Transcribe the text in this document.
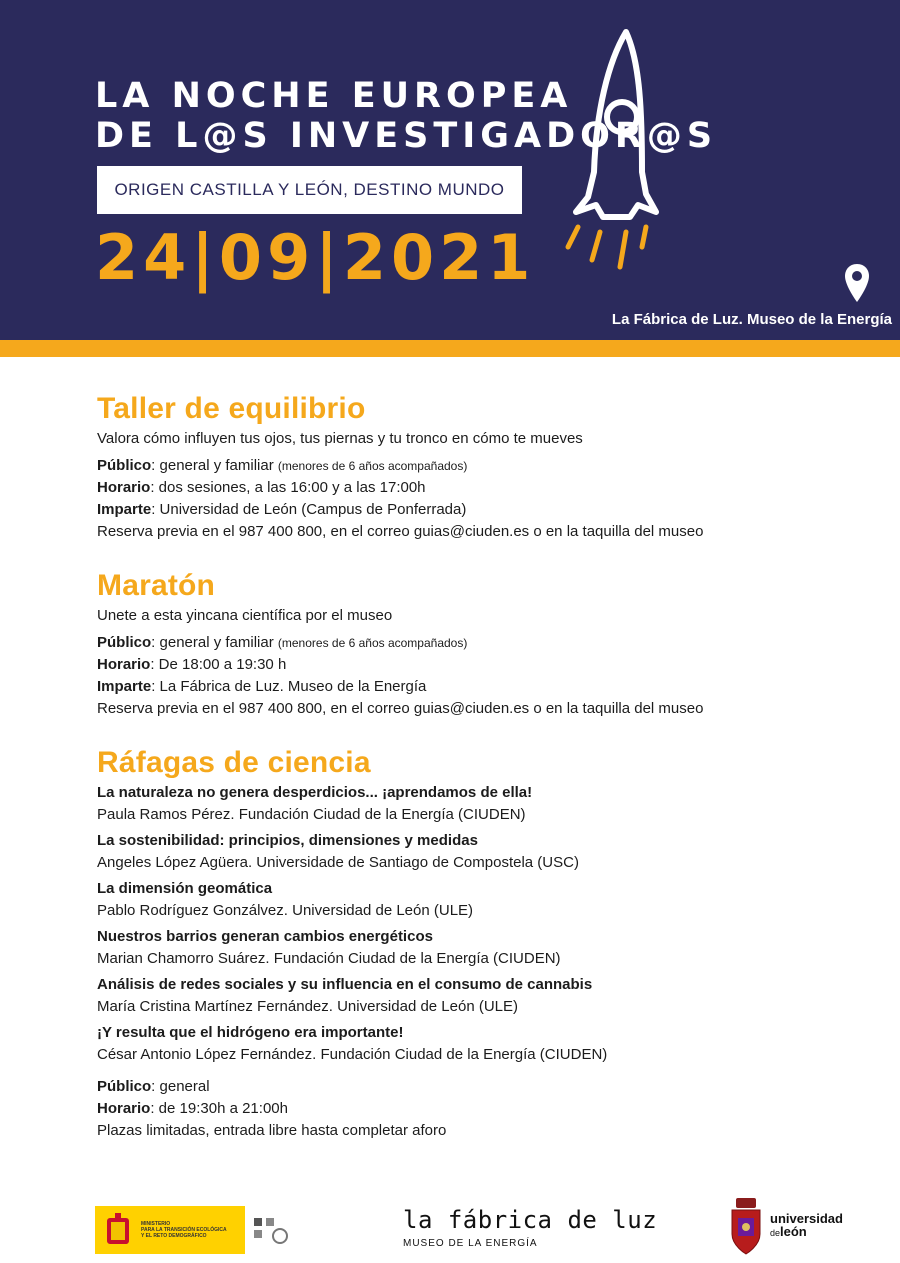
LA NOCHE EUROPEA
DE L@S INVESTIGADOR@S
ORIGEN CASTILLA Y LEÓN, DESTINO MUNDO
24|09|2021
La Fábrica de Luz. Museo de la Energía
Taller de equilibrio
Valora cómo influyen tus ojos, tus piernas y tu tronco en cómo te mueves
Público: general y familiar (menores de 6 años acompañados)
Horario: dos sesiones, a las 16:00 y a las 17:00h
Imparte: Universidad de León (Campus de Ponferrada)
Reserva previa en el 987 400 800, en el correo guias@ciuden.es o en la taquilla del museo
Maratón
Unete a esta yincana científica por el museo
Público: general y familiar (menores de 6 años acompañados)
Horario: De 18:00 a 19:30 h
Imparte: La Fábrica de Luz. Museo de la Energía
Reserva previa en el 987 400 800, en el correo guias@ciuden.es o en la taquilla del museo
Ráfagas de ciencia
La naturaleza no genera desperdicios... ¡aprendamos de ella!
Paula Ramos Pérez. Fundación Ciudad de la Energía (CIUDEN)
La sostenibilidad: principios, dimensiones y medidas
Angeles López Agüera. Universidade de Santiago de Compostela (USC)
La dimensión geomática
Pablo Rodríguez Gonzálvez. Universidad de León (ULE)
Nuestros barrios generan cambios energéticos
Marian Chamorro Suárez. Fundación Ciudad de la Energía (CIUDEN)
Análisis de redes sociales y su influencia en el consumo de cannabis
María Cristina Martínez Fernández. Universidad de León (ULE)
¡Y resulta que el hidrógeno era importante!
César Antonio López Fernández. Fundación Ciudad de la Energía (CIUDEN)
Público: general
Horario: de 19:30h a 21:00h
Plazas limitadas, entrada libre hasta completar aforo
MINISTERIO
PARA LA TRANSICIÓN ECOLÓGICA
Y EL RETO DEMOGRÁFICO
la fábrica de luz
MUSEO DE LA ENERGÍA
universidad
deleón
